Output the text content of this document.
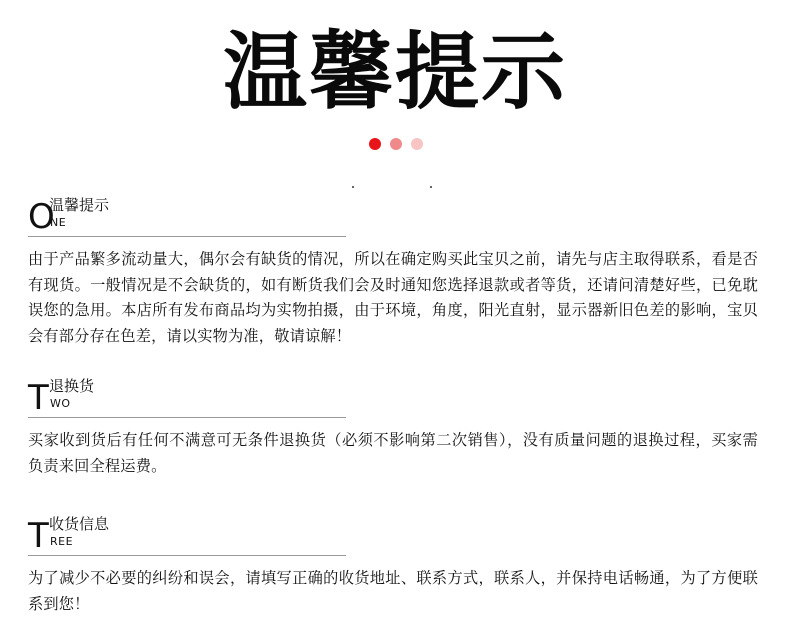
温馨提示
O
温馨提示
NE
由于产品繁多流动量大，偶尔会有缺货的情况，所以在确定购买此宝贝之前，请先与店主取得联系，看是否有现货。一般情况是不会缺货的，如有断货我们会及时通知您选择退款或者等货，还请问清楚好些，已免耽误您的急用。本店所有发布商品均为实物拍摄，由于环境，角度，阳光直射，显示器新旧色差的影响，宝贝会有部分存在色差，请以实物为准，敬请谅解！
T 退换货
WO
买家收到货后有任何不满意可无条件退换货（必须不影响第二次销售），没有质量问题的退换过程，买家需负责来回全程运费。
T 收货信息
REE
为了减少不必要的纠纷和误会，请填写正确的收货地址、联系方式，联系人，并保持电话畅通，为了方便联系到您！
